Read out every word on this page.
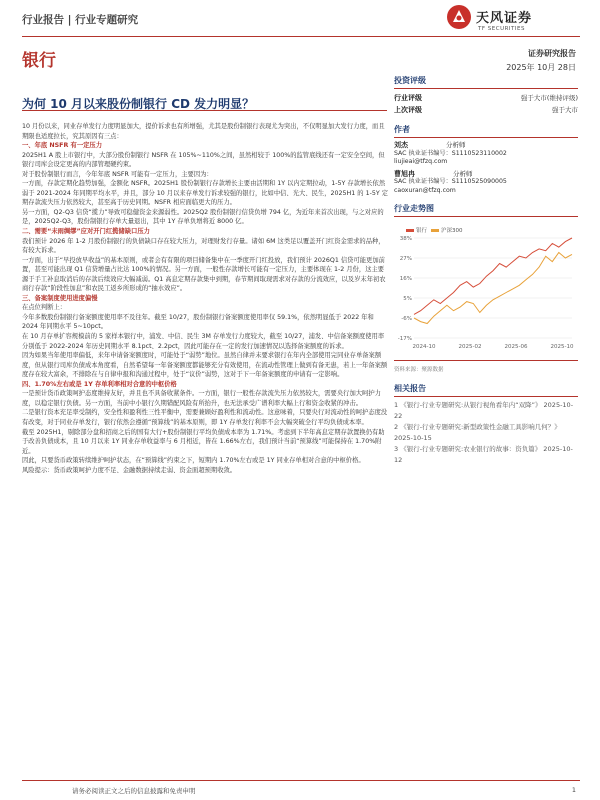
行业报告 | 行业专题研究	天风证券
TF SECURITIES
银行	证券研究报告
2025年 10月 28日
为何 10 月以来股份制银行 CD 发力明显？

10 月份以来，同业存单发行力度明显加大，提价诉求也有所增强，尤其是股份制银行表现尤为突出，不仅明显加大发行力度，而且期限也适度拉长，究其原因有三点：

一、年底 NSFR 有一定压力

2025H1 A 股上市银行中，大部分股份制银行 NSFR 在 105%~110%之间，虽然相较于 100%的监管底线还有一定安全空间，但银行司库会设定更高的内部管理硬约束。

对于股份制银行而言，今年年底 NSFR 可能有一定压力，主要因为：

一方面，存款定期化趋势加强，金额化 NSFR。2025H1 股份制银行存款增长主要由活期和 1Y 以内定期拉动，1-5Y 存款增长依然弱于 2021-2024 年同期平均水平，并且，部分 10 月以来存单发行诉求较强的银行，比如中信、光大、民生，2025H1 的 1-5Y 定期存款流失压力依然较大，甚至高于历史同期。NSFR 相应面临更大的压力。

另一方面，Q2-Q3 信贷“揽力”导致可稳健资金来源弱性。2025Q2 股份制银行信贷负增 794 亿，为近年来首次出现，与之对应的是，2025Q2-Q3，股份制银行存单大量退出，其中 1Y 存单负增将近 8000 亿。

二、需要“未雨绸缪”应对开门红揽储缺口压力

我们预计 2026 年 1-2 月股份制银行的负债缺口存在较大压力，对理财发行存量。诸如 6M 这类足以覆盖开门红资金需求的品种，有较大诉求。

一方面，出于“早投放早收益”的基本原则，或者会有有限的项目储备集中在一季度开门红投放，我们预计 2026Q1 信贷可能更加前置，甚至可能出现 Q1 信贷增量占比达 100%的情况。另一方面，一般性存款增长可能有一定压力，主要体现在 1-2 月份，这主要源于手工补息取消后的存款后续效应大幅减弱。Q1 高息定期存款集中到期，春节期间取现需求对存款的分流效应，以及岁末年初农商行存款“阶段性加息”和农民工返乡所形成的“抽水效应”。

三、备案制度使用进度偏慢

在点位判断上：

今年多数股份制银行备案额度使用率不及往年。截至 10/27，股份制银行备案额度使用率仅 59.1%，依然明显低于 2022 年和 2024 年同期水平 5~10pct。

在 10 月存单扩容规模前的 5 家样本银行中，浦发、中信、民生 3M 存单发行力度较大，截至 10/27，浦发、中信备案额度使用率分别低于 2022-2024 年历史同期水平 8.1pct、2.2pct，因此可能存在一定的发行加速情况以选择备案额度的诉求。

因为如果当年使用率偏低，来年申请备案额度时，可能处于“弱势”地位。虽然自律并未要求银行在年内全部使用完同业存单备案额度，但从银行司库负债成本角度看，自然希望每一年备案额度都能够充分有效使用，在流动性管理上做到有备无患，若上一年备案额度存在较大富余，不排除在与自律申报和沟通过程中，处于“议价”弱势，这对于下一年备案额度的申请有一定影响。

四、1.70%左右或是 1Y 存单利率相对合意的中枢价格

一是预计货币政策呵护态度维持友好，并且也不具备收紧条件。一方面，银行一般性存款流失压力依然较大，需要央行加大呵护力度，以稳定银行负债。另一方面，当前中小银行久期错配风险有所抬升，也无法承受广谱利率大幅上行和资金收紧的冲击。

二是银行资本充足率受制约，安全性和盈利性三性平衡中，需要兼顾好盈利性和流动性。这意味着，只要央行对流动性的呵护态度没有改变，对于同业存单发行，银行依然会遵循“预算线”的基本原则，即 1Y 存单发行利率不会大幅突破全行平均负债成本率。

截至 2025H1，剔除部分盘和招商之后的国有大行+股份制银行平均负债成本率为 1.71%。考虑到下半年高息定期存款置换仍有助于改善负债成本，且 10 月以来 1Y 同业存单收益率与 6 月相近，皆在 1.66%左右，我们预计当前“预算线”可能保持在 1.70%附近。

因此，只要货币政策转续维护呵护状态，在“预算线”约束之下，短期内 1.70%左右或是 1Y 同业存单相对合意的中枢价格。

风险提示：货币政策呵护力度不足、金融数据持续走弱、资金面超预期收敛。

投资评级
行业评级	强于大市(维持评级)
上次评级	强于大市
作者
刘杰	分析师
SAC 执业证书编号：S1110523110002
liujieai@tfzq.com
曹旭冉	分析师
SAC 执业证书编号：S1110525090005
caoxuran@tfzq.com
行业走势图
银行	沪深300
38%
27%
16%
5%
-6%
-17%
2024-10	2025-02	2025-06	2025-10
资料来源：聚源数据
相关报告
1 《银行-行业专题研究:从银行视角看年内“双降”》 2025-10-22
2 《银行-行业专题研究:新型政策性金融工具影响几何？》 2025-10-15
3 《银行-行业专题研究:农业银行的故事：资负篇》 2025-10-12
请务必阅读正文之后的信息披露和免责申明	1
